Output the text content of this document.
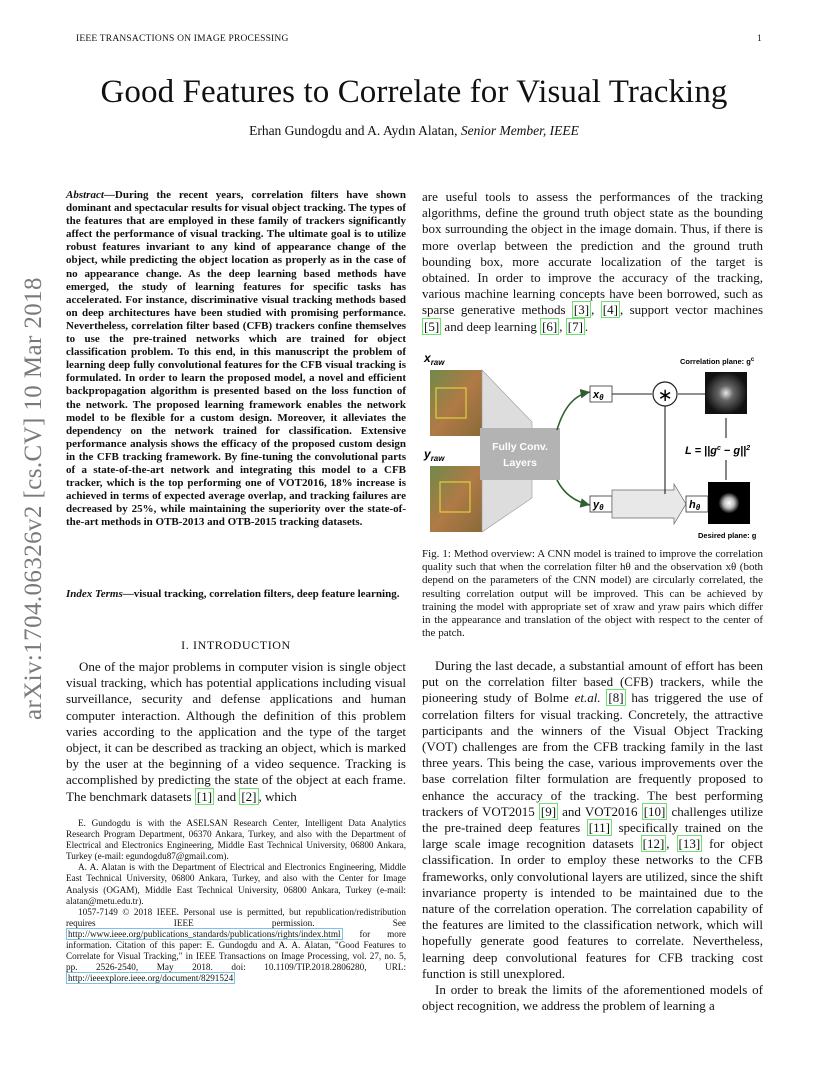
IEEE TRANSACTIONS ON IMAGE PROCESSING	1
Good Features to Correlate for Visual Tracking
Erhan Gundogdu and A. Aydın Alatan, Senior Member, IEEE
arXiv:1704.06326v2 [cs.CV] 10 Mar 2018
Abstract—During the recent years, correlation filters have shown dominant and spectacular results for visual object tracking. The types of the features that are employed in these family of trackers significantly affect the performance of visual tracking. The ultimate goal is to utilize robust features invariant to any kind of appearance change of the object, while predicting the object location as properly as in the case of no appearance change. As the deep learning based methods have emerged, the study of learning features for specific tasks has accelerated. For instance, discriminative visual tracking methods based on deep architectures have been studied with promising performance. Nevertheless, correlation filter based (CFB) trackers confine themselves to use the pre-trained networks which are trained for object classification problem. To this end, in this manuscript the problem of learning deep fully convolutional features for the CFB visual tracking is formulated. In order to learn the proposed model, a novel and efficient backpropagation algorithm is presented based on the loss function of the network. The proposed learning framework enables the network model to be flexible for a custom design. Moreover, it alleviates the dependency on the network trained for classification. Extensive performance analysis shows the efficacy of the proposed custom design in the CFB tracking framework. By fine-tuning the convolutional parts of a state-of-the-art network and integrating this model to a CFB tracker, which is the top performing one of VOT2016, 18% increase is achieved in terms of expected average overlap, and tracking failures are decreased by 25%, while maintaining the superiority over the state-of-the-art methods in OTB-2013 and OTB-2015 tracking datasets.
Index Terms—visual tracking, correlation filters, deep feature learning.
I. INTRODUCTION

One of the major problems in computer vision is single object visual tracking, which has potential applications including visual surveillance, security and defense applications and human computer interaction. Although the definition of this problem varies according to the application and the type of the target object, it can be described as tracking an object, which is marked by the user at the beginning of a video sequence. Tracking is accomplished by predicting the state of the object at each frame. The benchmark datasets [1] and [2] , which

E. Gundogdu is with the ASELSAN Research Center, Intelligent Data Analytics Research Program Department, 06370 Ankara, Turkey, and also with the Department of Electrical and Electronics Engineering, Middle East Technical University, 06800 Ankara, Turkey (e-mail: egundogdu87@gmail.com).

A. A. Alatan is with the Department of Electrical and Electronics Engineering, Middle East Technical University, 06800 Ankara, Turkey, and also with the Center for Image Analysis (OGAM), Middle East Technical University, 06800 Ankara, Turkey (e-mail: alatan@metu.edu.tr).

1057-7149 © 2018 IEEE. Personal use is permitted, but republication/redistribution requires IEEE permission. See http://www.ieee.org/publications_standards/publications/rights/index.html for more information. Citation of this paper: E. Gundogdu and A. A. Alatan, "Good Features to Correlate for Visual Tracking," in IEEE Transactions on Image Processing, vol. 27, no. 5, pp. 2526-2540, May 2018. doi: 10.1109/TIP.2018.2806280, URL: http://ieeexplore.ieee.org/document/8291524

are useful tools to assess the performances of the tracking algorithms, define the ground truth object state as the bounding box surrounding the object in the image domain. Thus, if there is more overlap between the prediction and the ground truth bounding box, more accurate localization of the target is obtained. In order to improve the accuracy of the tracking, various machine learning concepts have been borrowed, such as sparse generative methods [3] , [4] , support vector machines [5] and deep learning [6] , [7] .
$x_{raw}$
$y_{raw}$
Fully Conv.
Layers
xθ	∗
Correlation plane: $g^c$
yθ	hθ
$L = ||g^c - g||^2$
Desired plane: g
Fig. 1: Method overview: A CNN model is trained to improve the correlation quality such that when the correlation filter hθ and the observation xθ (both depend on the parameters of the CNN model) are circularly correlated, the resulting correlation output will be improved. This can be achieved by training the model with appropriate set of xraw and yraw pairs which differ in the appearance and translation of the object with respect to the center of the patch.

During the last decade, a substantial amount of effort has been put on the correlation filter based (CFB) trackers, while the pioneering study of Bolme et.al. [8] has triggered the use of correlation filters for visual tracking. Concretely, the attractive participants and the winners of the Visual Object Tracking (VOT) challenges are from the CFB tracking family in the last three years. This being the case, various improvements over the base correlation filter formulation are frequently proposed to enhance the accuracy of the tracking. The best performing trackers of VOT2015 [9] and VOT2016 [10] challenges utilize the pre-trained deep features [11] specifically trained on the large scale image recognition datasets [12] , [13] for object classification. In order to employ these networks to the CFB frameworks, only convolutional layers are utilized, since the shift invariance property is intended to be maintained due to the nature of the correlation operation. The correlation capability of the features are limited to the classification network, which will hopefully generate good features to correlate. Nevertheless, learning deep convolutional features for CFB tracking cost function is still unexplored.

In order to break the limits of the aforementioned models of object recognition, we address the problem of learning a
